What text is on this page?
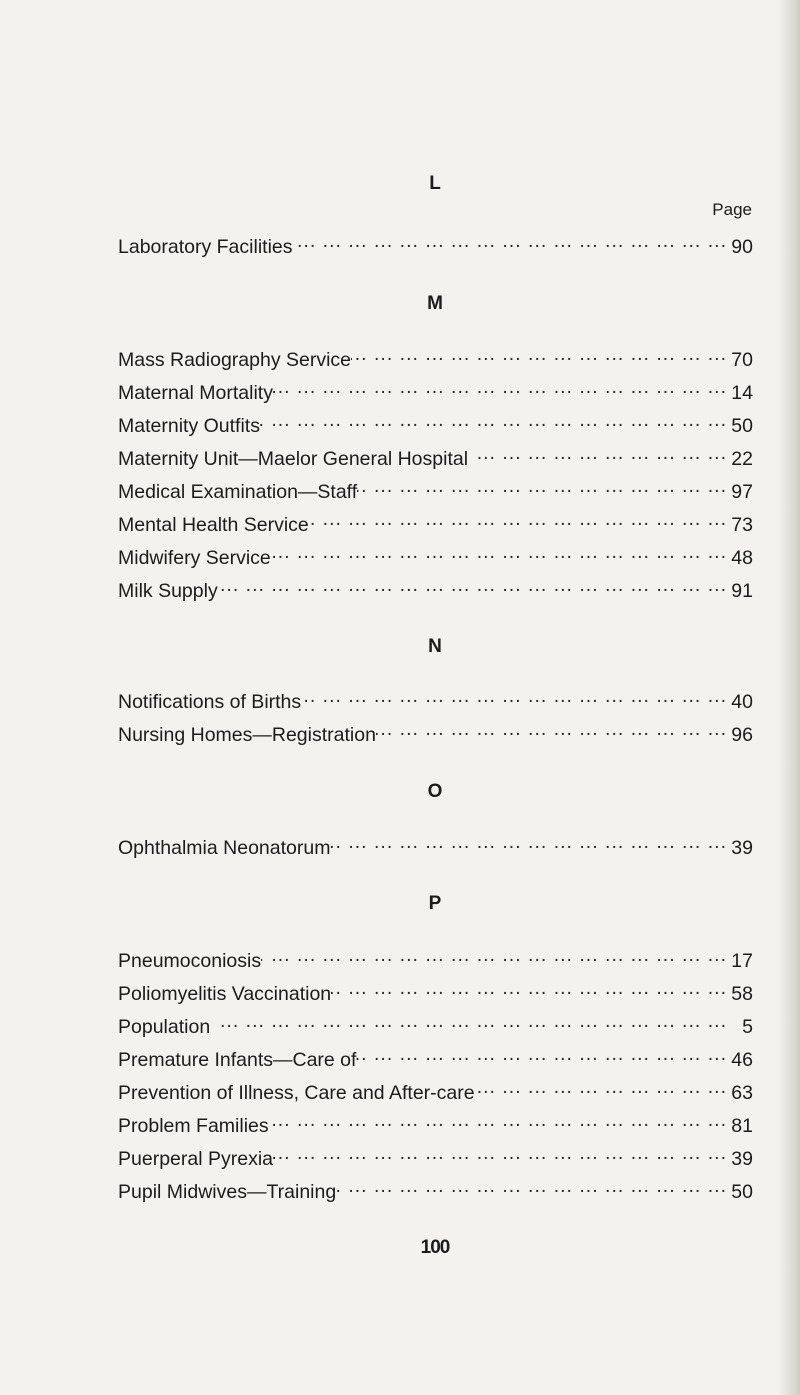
L
Page
Laboratory Facilities ... .	90
M
Mass Radiography Service ... .	70
Maternal Mortality ... .	14
Maternity Outfits ... .	50
Maternity Unit—Maelor General Hospital ... .	22
Medical Examination—Staff ... .	97
Mental Health Service ... .	73
Midwifery Service ... .	48
Milk Supply ... .	91
N
Notifications of Births ... .	40
Nursing Homes—Registration ... .	96
O
Ophthalmia Neonatorum ... .	39
P
Pneumoconiosis ... .	17
Poliomyelitis Vaccination ... .	58
Population ... .	5
Premature Infants—Care of ... .	46
Prevention of Illness, Care and After-care ... .	63
Problem Families ... .	81
Puerperal Pyrexia ... .	39
Pupil Midwives—Training ... .	50
100
